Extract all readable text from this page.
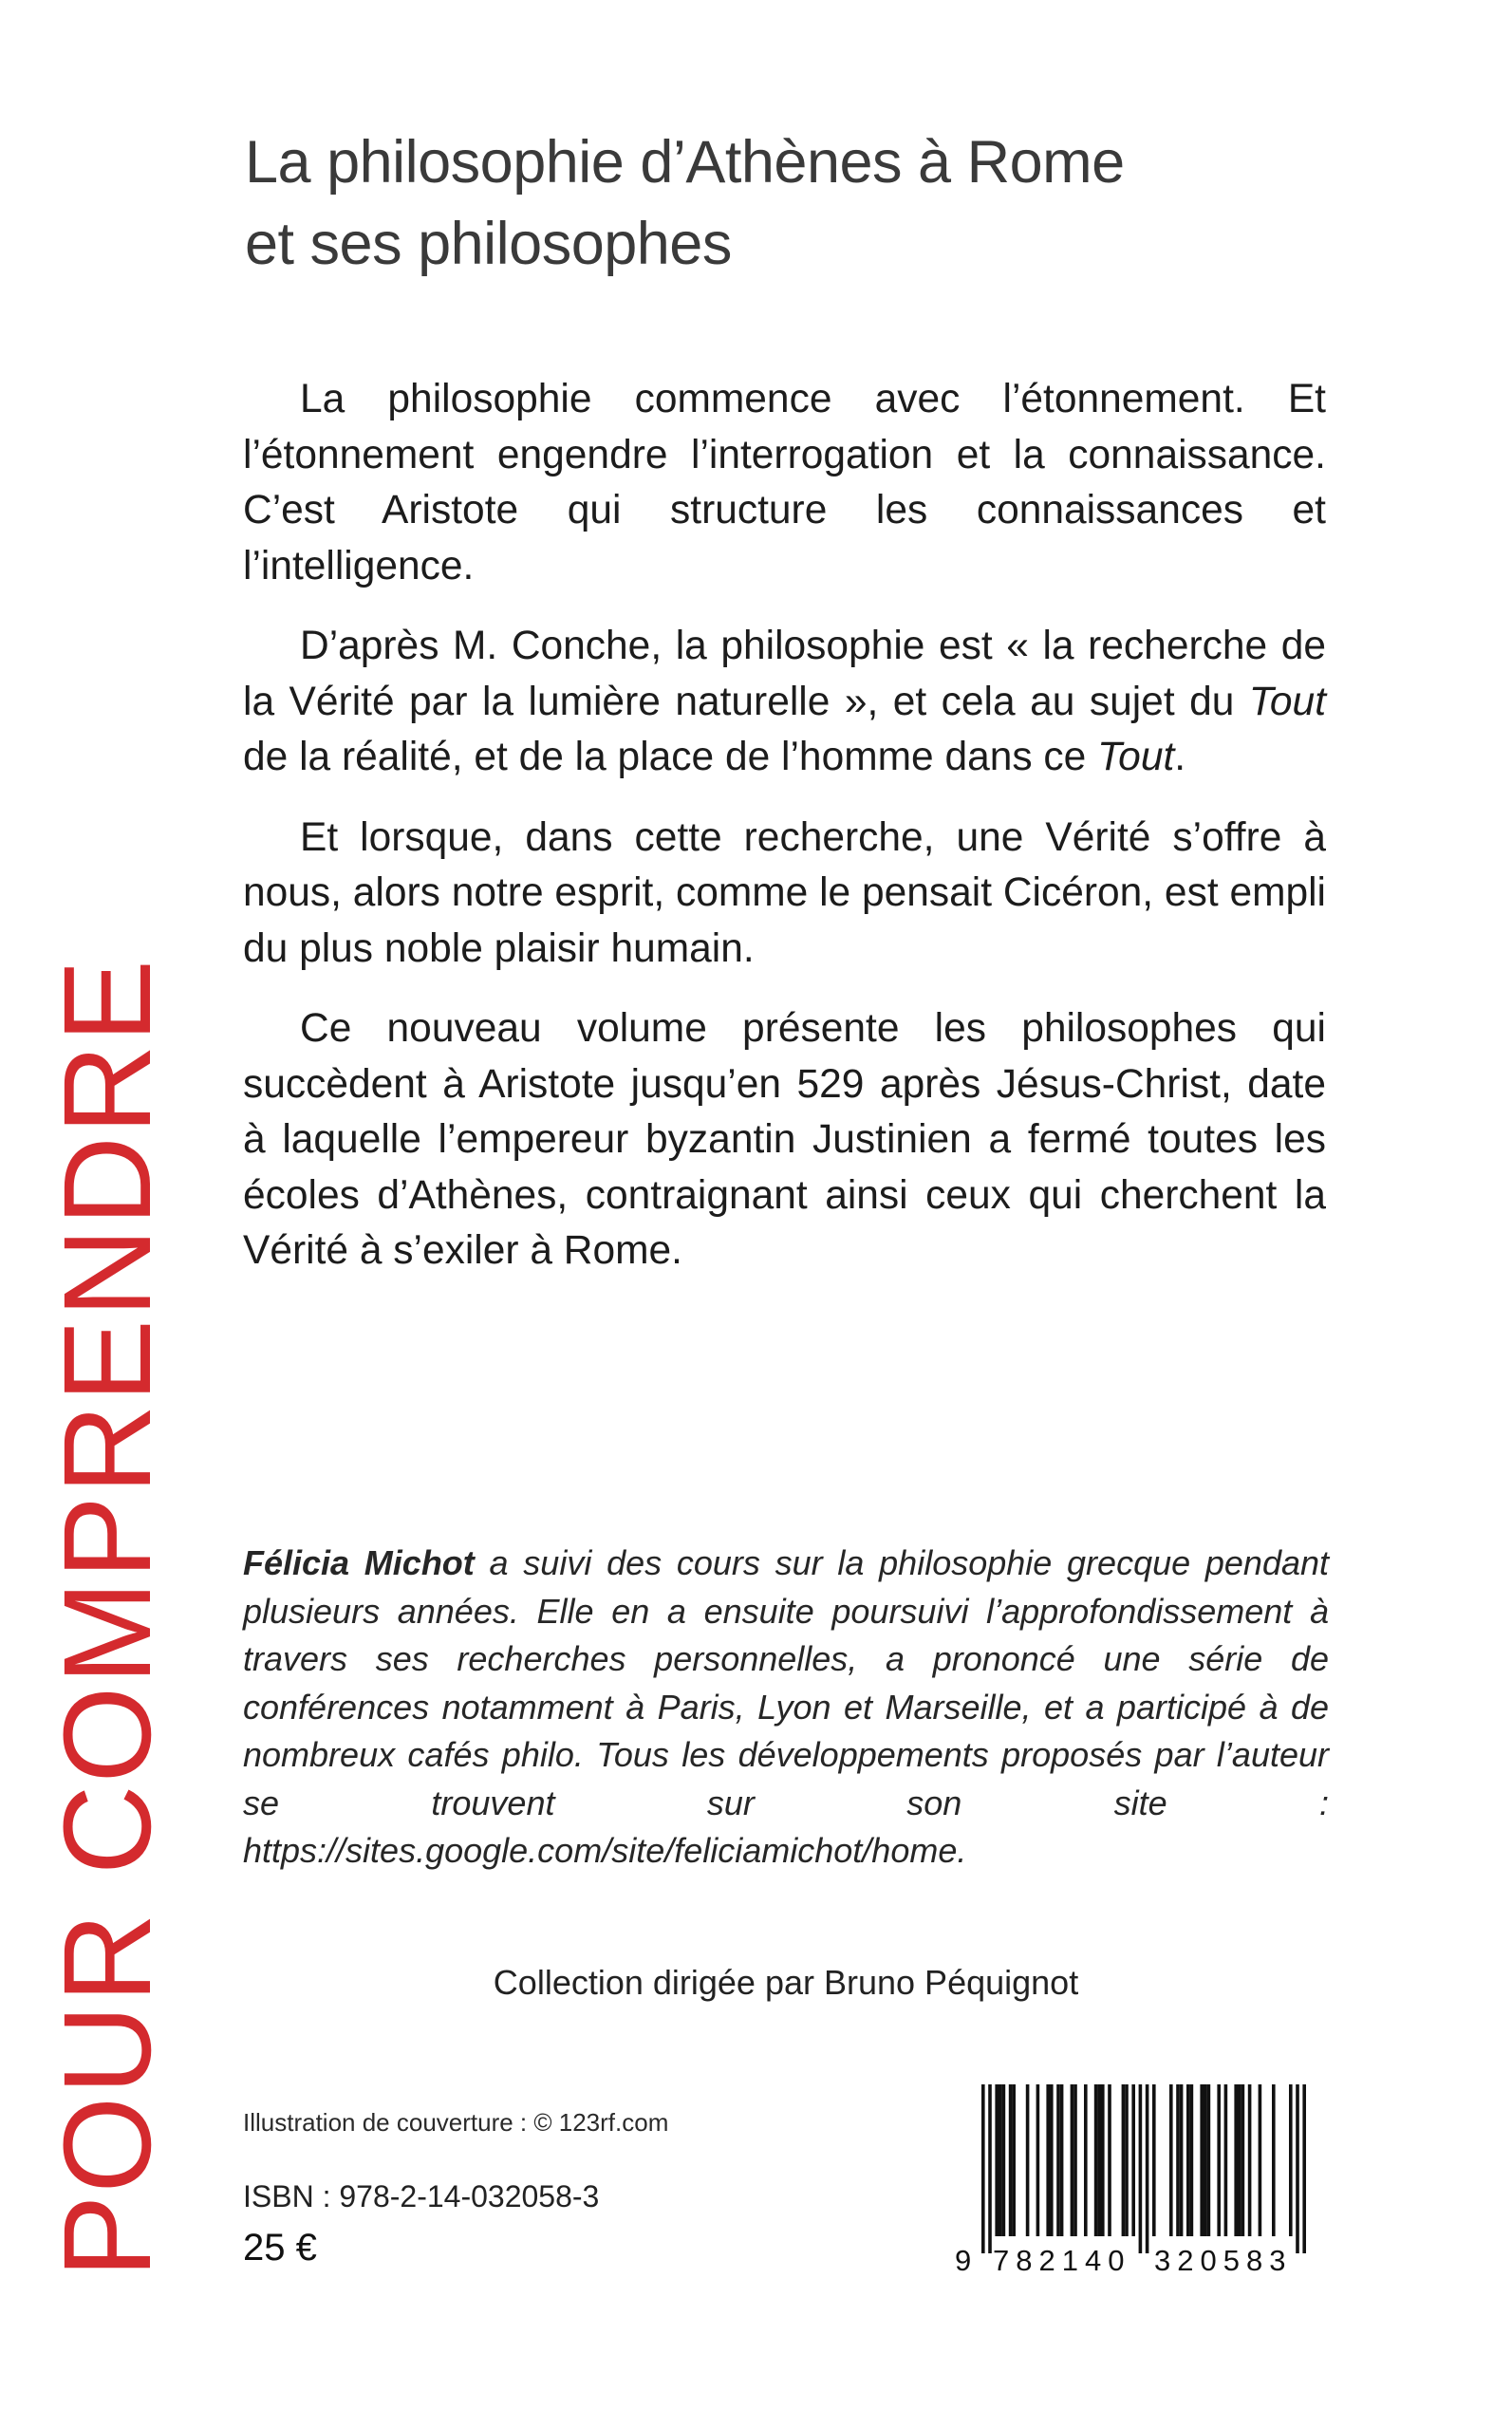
La philosophie d’Athènes à Rome
et ses philosophes

La philosophie commence avec l’étonnement. Et l’étonnement engendre l’interrogation et la connaissance. C’est Aristote qui structure les connaissances et l’intelligence.

D’après M. Conche, la philosophie est « la recherche de la Vérité par la lumière naturelle », et cela au sujet du Tout de la réalité, et de la place de l’homme dans ce Tout.

Et lorsque, dans cette recherche, une Vérité s’offre à nous, alors notre esprit, comme le pensait Cicéron, est empli du plus noble plaisir humain.

Ce nouveau volume présente les philosophes qui succèdent à Aristote jusqu’en 529 après Jésus-Christ, date à laquelle l’empereur byzantin Justinien a fermé toutes les écoles d’Athènes, contraignant ainsi ceux qui cherchent la Vérité à s’exiler à Rome.

POUR COMPRENDRE Félicia Michot a suivi des cours sur la philosophie grecque pendant plusieurs années. Elle en a ensuite poursuivi l’approfondissement à travers ses recherches personnelles, a prononcé une série de conférences notamment à Paris, Lyon et Marseille, et a participé à de nombreux cafés philo. Tous les développements proposés par l’auteur se trouvent sur son site : https://sites.google.com/site/feliciamichot/home.
Collection dirigée par Bruno Péquignot
Illustration de couverture : © 123rf.com
ISBN : 978-2-14-032058-3
25 €	9 782140 320583
